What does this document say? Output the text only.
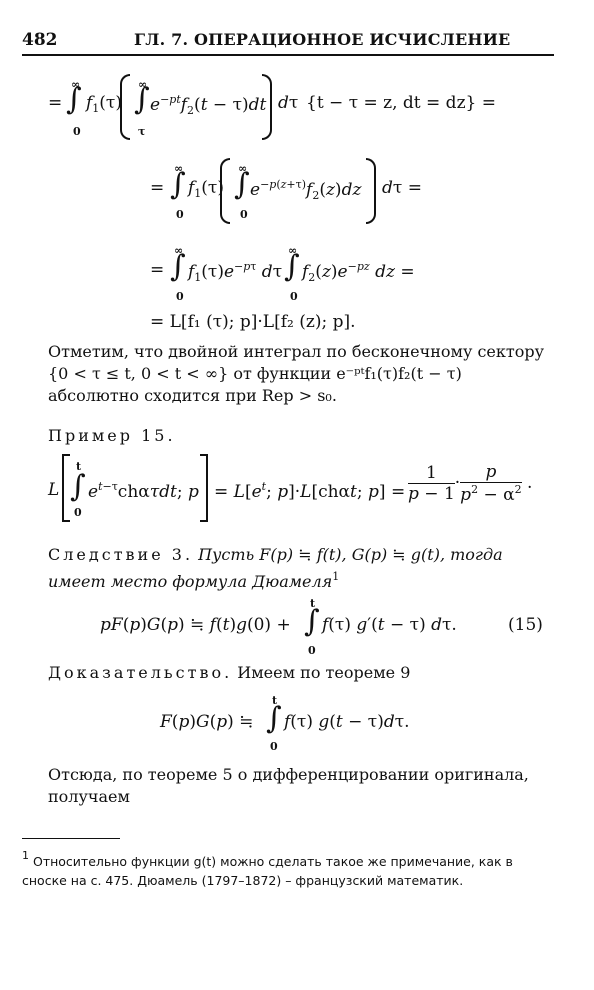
482	ГЛ. 7. ОПЕРАЦИОННОЕ ИСЧИСЛЕНИЕ
=
∫
∞
0
$f_1(\tau)$
∫
∞
τ
$e^{-pt}f_2(t - \tau)dt$ dτ {t − τ = z, dt = dz} =
=
∫
∞
0
$f_1(\tau)$
∫
∞
0
$e^{-p(z+\tau)}f_2(z)dz$ dτ =
=
∫
∞
0
$f_1(\tau)e^{-p\tau}$ dτ
∫
∞
0
$f_2(z)e^{-pz}$ dz =
= L[f₁ (τ); p]·L[f₂ (z); p].
Отметим, что двойной интеграл по бесконечному сектору {0 < τ ≤ t, 0 < t < ∞} от функции e⁻ᵖᵗf₁(τ)f₂(t − τ) абсолютно сходится при Rep > s₀.
Пример 15.
L
∫
t
0
$e^{t-\tau}ch\alpha\tau dt$; $p = L[e^t$; p]·L[chαt; $p] = \frac{1}{p - 1} \cdot \frac{p}{p^2 - \alpha^2}$ .
Следствие 3. Пусть F(p) ≒ f(t), G(p) ≒ g(t), тогда имеет место формула Дюамеля$^1$
pF(p)G(p) ≒ f(t)g(0) +
∫
t
0
f(τ) g′(t − τ) dτ.	(15)
Доказательство. Имеем по теореме 9
F(p)G(p) ≒
∫
t
0
f(τ) g(t − τ)dτ.
Отсюда, по теореме 5 о дифференцировании оригинала, получаем
1 Относительно функции g(t) можно сделать такое же примечание, как в сноске на с. 475. Дюамель (1797–1872) – французский математик.
